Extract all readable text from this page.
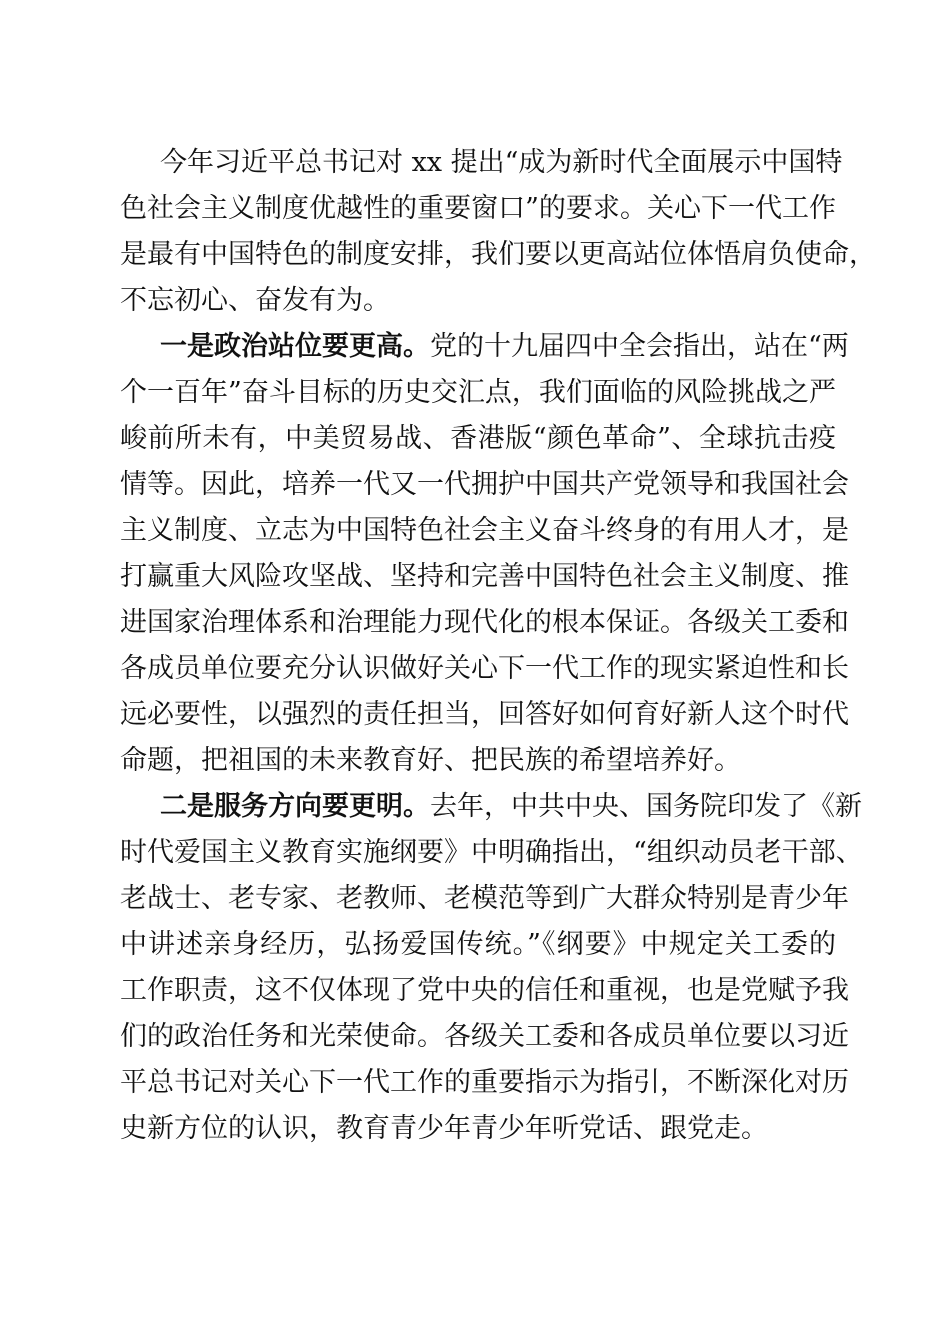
今年习近平总书记对 xx 提出“成为新时代全面展示中国特
色社会主义制度优越性的重要窗口”的要求。关心下一代工作
是最有中国特色的制度安排，我们要以更高站位体悟肩负使命，
不忘初心、奋发有为。
一是政治站位要更高。党的十九届四中全会指出，站在“两
个一百年”奋斗目标的历史交汇点，我们面临的风险挑战之严
峻前所未有，中美贸易战、香港版“颜色革命”、全球抗击疫
情等。因此，培养一代又一代拥护中国共产党领导和我国社会
主义制度、立志为中国特色社会主义奋斗终身的有用人才，是
打赢重大风险攻坚战、坚持和完善中国特色社会主义制度、推
进国家治理体系和治理能力现代化的根本保证。各级关工委和
各成员单位要充分认识做好关心下一代工作的现实紧迫性和长
远必要性，以强烈的责任担当，回答好如何育好新人这个时代
命题，把祖国的未来教育好、把民族的希望培养好。
二是服务方向要更明。去年，中共中央、国务院印发了《新
时代爱国主义教育实施纲要》中明确指出，“组织动员老干部、
老战士、老专家、老教师、老模范等到广大群众特别是青少年
中讲述亲身经历，弘扬爱国传统。”《纲要》中规定关工委的
工作职责，这不仅体现了党中央的信任和重视，也是党赋予我
们的政治任务和光荣使命。各级关工委和各成员单位要以习近
平总书记对关心下一代工作的重要指示为指引，不断深化对历
史新方位的认识，教育青少年青少年听党话、跟党走。
